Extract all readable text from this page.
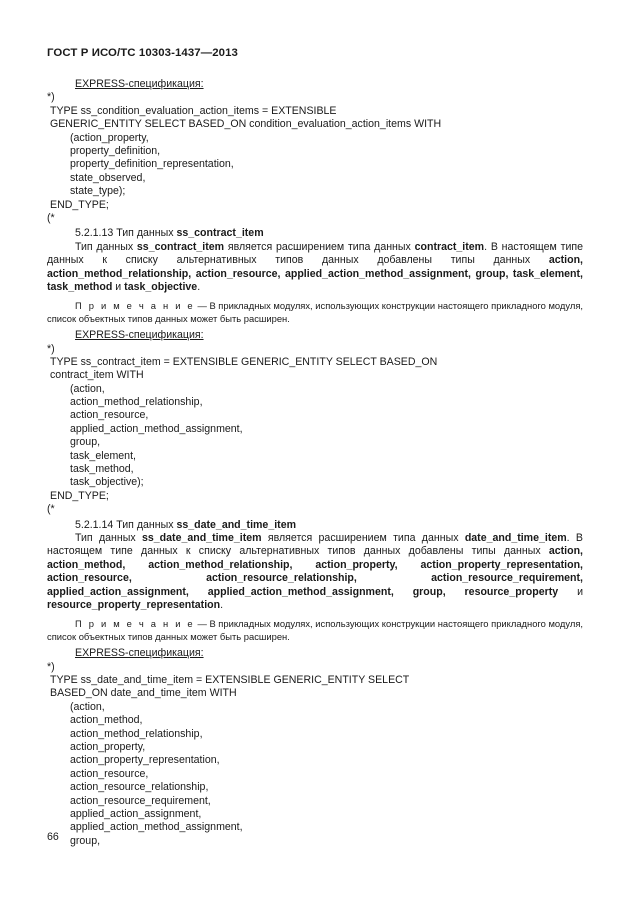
ГОСТ Р ИСО/ТС 10303-1437—2013
EXPRESS-спецификация:
*)
TYPE ss_condition_evaluation_action_items = EXTENSIBLE
GENERIC_ENTITY SELECT BASED_ON condition_evaluation_action_items WITH
(action_property,
property_definition,
property_definition_representation,
state_observed,
state_type);
END_TYPE;
(*
5.2.1.13 Тип данных ss_contract_item
Тип данных ss_contract_item является расширением типа данных contract_item. В настоящем типе данных к списку альтернативных типов данных добавлены типы данных action, action_method_relationship, action_resource, applied_action_method_assignment, group, task_element, task_method и task_objective.
П р и м е ч а н и е — В прикладных модулях, использующих конструкции настоящего прикладного модуля, список объектных типов данных может быть расширен.
EXPRESS-спецификация:
*)
TYPE ss_contract_item = EXTENSIBLE GENERIC_ENTITY SELECT BASED_ON
contract_item WITH
(action,
action_method_relationship,
action_resource,
applied_action_method_assignment,
group,
task_element,
task_method,
task_objective);
END_TYPE;
(*
5.2.1.14 Тип данных ss_date_and_time_item
Тип данных ss_date_and_time_item является расширением типа данных date_and_time_item. В настоящем типе данных к списку альтернативных типов данных добавлены типы данных action, action_method, action_method_relationship, action_property, action_property_representation, action_resource, action_resource_relationship, action_resource_requirement, applied_action_assignment, applied_action_method_assignment, group, resource_property и resource_property_representation.
П р и м е ч а н и е — В прикладных модулях, использующих конструкции настоящего прикладного модуля, список объектных типов данных может быть расширен.
EXPRESS-спецификация:
*)
TYPE ss_date_and_time_item = EXTENSIBLE GENERIC_ENTITY SELECT
BASED_ON date_and_time_item WITH
(action,
action_method,
action_method_relationship,
action_property,
action_property_representation,
action_resource,
action_resource_relationship,
action_resource_requirement,
applied_action_assignment,
applied_action_method_assignment,
group,
66
